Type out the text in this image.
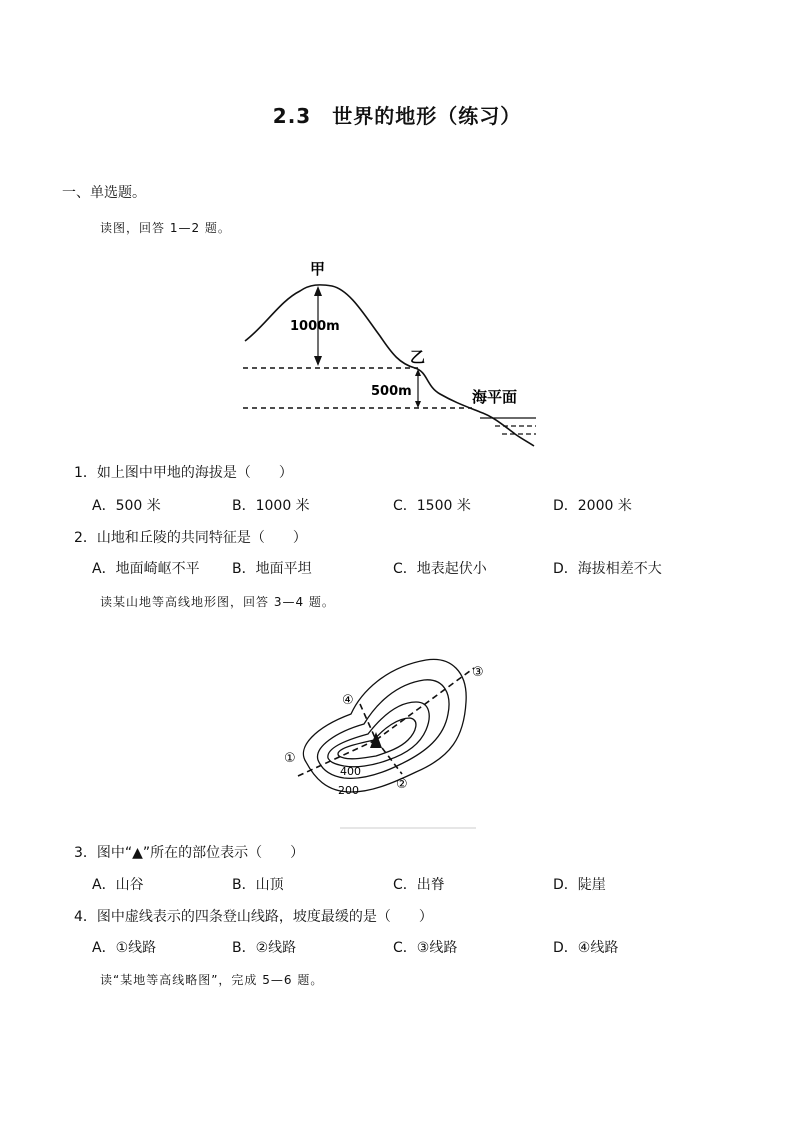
2.3　世界的地形（练习）
一、单选题。
读图，回答 1—2 题。
甲
1000m
乙
500m	海平面
1．如上图中甲地的海拔是（　　）
A．500 米	B．1000 米	C．1500 米	D．2000 米
2．山地和丘陵的共同特征是（　　）
A．地面崎岖不平 B．地面平坦	C．地表起伏小	D．海拔相差不大
读某山地等高线地形图，回答 3—4 题。
①
②
③
④
400
200
3．图中“▲”所在的部位表示（　　）
A．山谷	B．山顶	C．出脊	D．陡崖
4．图中虚线表示的四条登山线路，坡度最缓的是（　　）
A．①线路	B．②线路	C．③线路	D．④线路
读“某地等高线略图”，完成 5—6 题。
